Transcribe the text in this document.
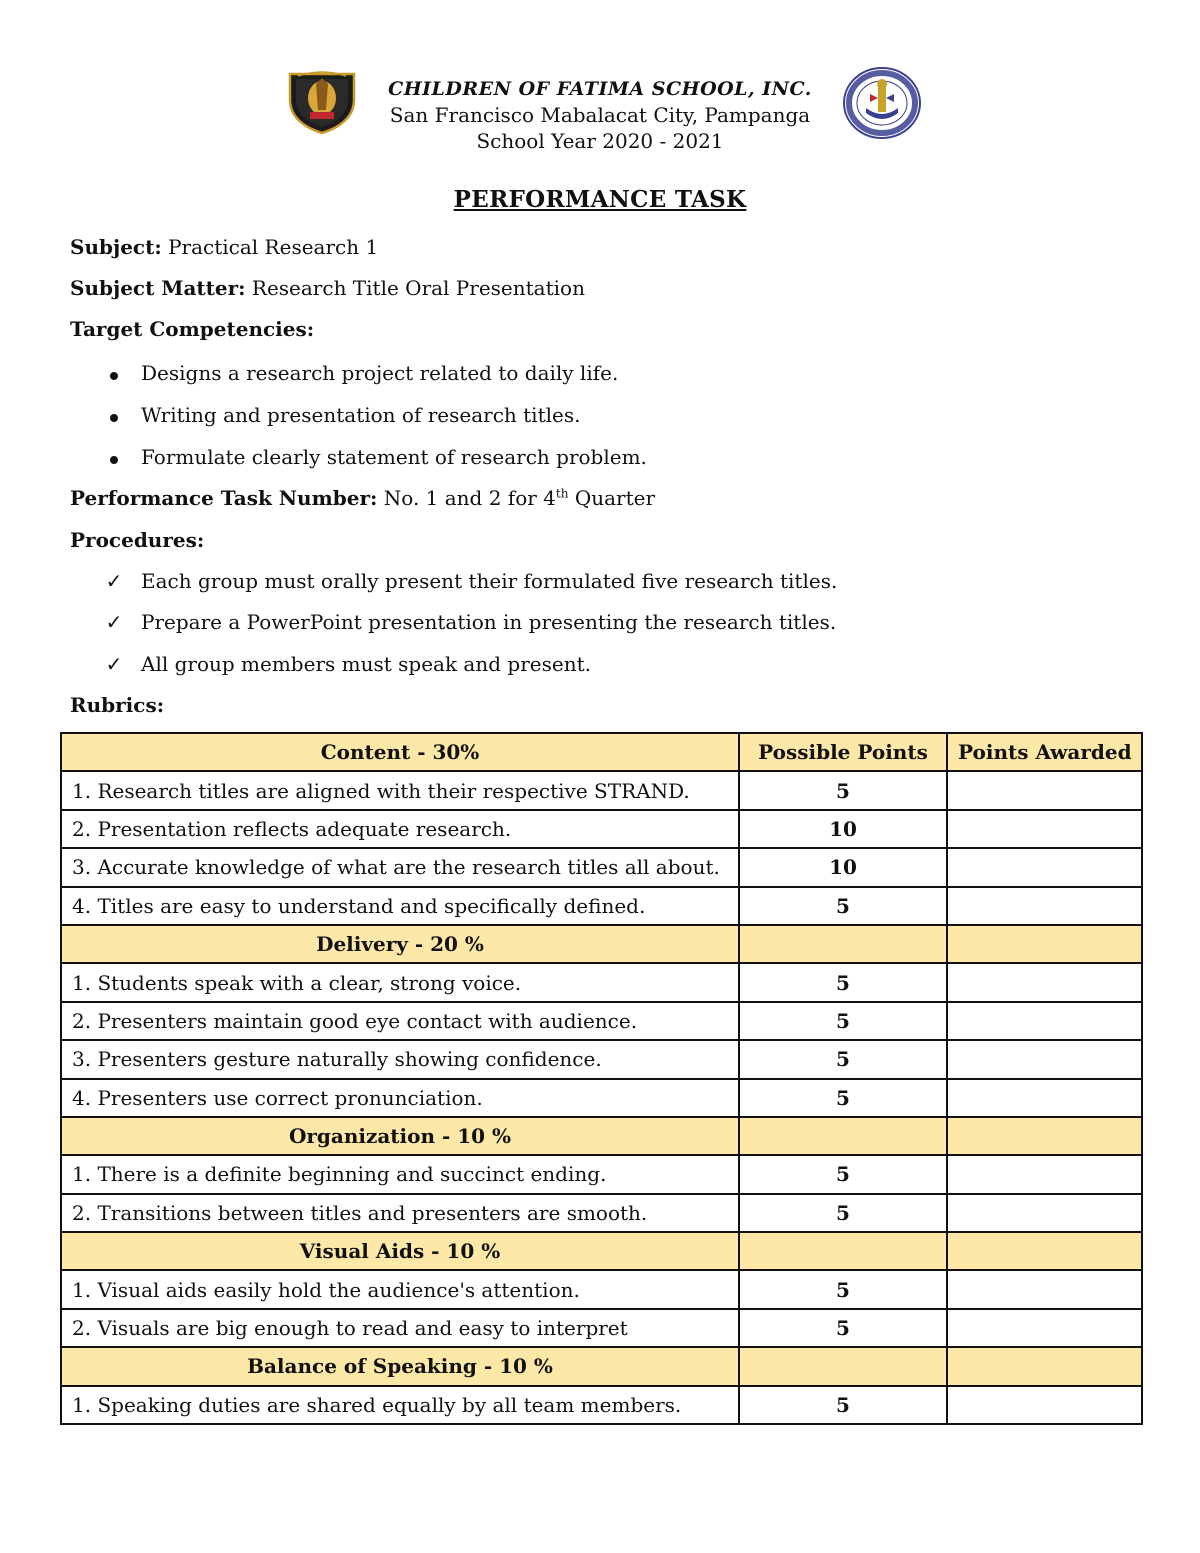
CHILDREN OF FATIMA SCHOOL, INC.
San Francisco Mabalacat City, Pampanga
School Year 2020 - 2021
PERFORMANCE TASK
Subject: Practical Research 1
Subject Matter: Research Title Oral Presentation
Target Competencies:
Designs a research project related to daily life.
Writing and presentation of research titles.
Formulate clearly statement of research problem.
Performance Task Number: No. 1 and 2 for 4th Quarter
Procedures:
✓ Each group must orally present their formulated five research titles.
✓ Prepare a PowerPoint presentation in presenting the research titles.
✓ All group members must speak and present.
Rubrics:
Content - 30%	Possible Points	Points Awarded
1. Research titles are aligned with their respective STRAND.	5	
2. Presentation reflects adequate research.	10	
3. Accurate knowledge of what are the research titles all about.	10	
4. Titles are easy to understand and specifically defined.	5	
Delivery - 20 %		
1. Students speak with a clear, strong voice.	5	
2. Presenters maintain good eye contact with audience.	5	
3. Presenters gesture naturally showing confidence.	5	
4. Presenters use correct pronunciation.	5	
Organization - 10 %		
1. There is a definite beginning and succinct ending.	5	
2. Transitions between titles and presenters are smooth.	5	
Visual Aids - 10 %		
1. Visual aids easily hold the audience's attention.	5	
2. Visuals are big enough to read and easy to interpret	5	
Balance of Speaking - 10 %		
1. Speaking duties are shared equally by all team members.	5	
